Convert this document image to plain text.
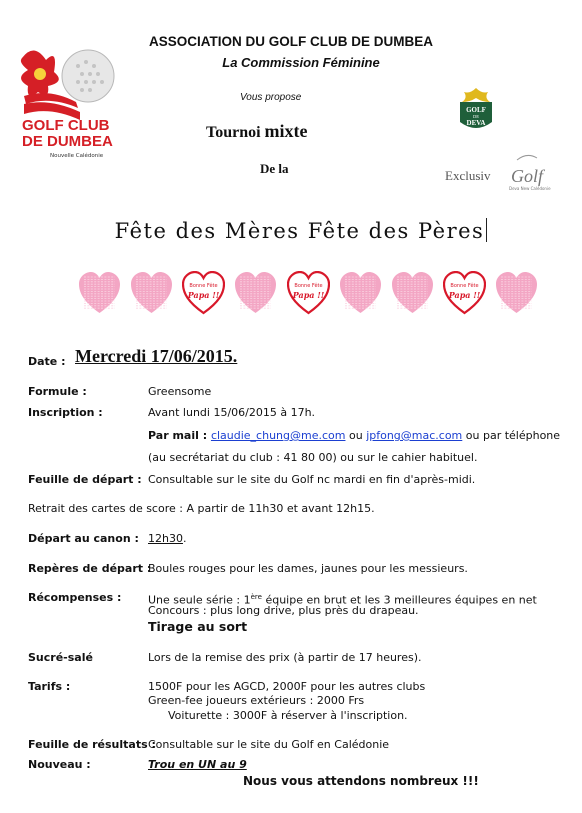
ASSOCIATION DU GOLF CLUB DE DUMBEA
La Commission Féminine
Vous propose
Tournoi mixte
De la
Fête des Mères Fête des Pères
GOLF CLUB
DE DUMBEA
Nouvelle Calédonie
GOLF
DE
DEVA
Exclusiv Golf
Deva New Calédonie
Bonne Fête
Papa !!
Bonne Fête
Papa !!
Bonne Fête
Papa !!
Date : Mercredi 17/06/2015.
Formule :	Greensome
Inscription :	Avant lundi 15/06/2015 à 17h.
Par mail : claudie_chung@me.com ou jpfong@mac.com ou par téléphone
(au secrétariat du club : 41 80 00) ou sur le cahier habituel.
Feuille de départ : Consultable sur le site du Golf nc mardi en fin d'après-midi.
Retrait des cartes de score : A partir de 11h30 et avant 12h15.
Départ au canon : 12h30.
Repères de départ :
Boules rouges pour les dames, jaunes pour les messieurs.
Récompenses : Une seule série : 1ère équipe en brut et les 3 meilleures équipes en net
Concours : plus long drive, plus près du drapeau.
Tirage au sort
Sucré-salé	Lors de la remise des prix (à partir de 17 heures).
Tarifs :	1500F pour les AGCD, 2000F pour les autres clubs
Green-fee joueurs extérieurs : 2000 Frs
Voiturette : 3000F à réserver à l'inscription.
Feuille de résultats :
Consultable sur le site du Golf en Calédonie
Nouveau :	Trou en UN au 9
Nous vous attendons nombreux !!!
